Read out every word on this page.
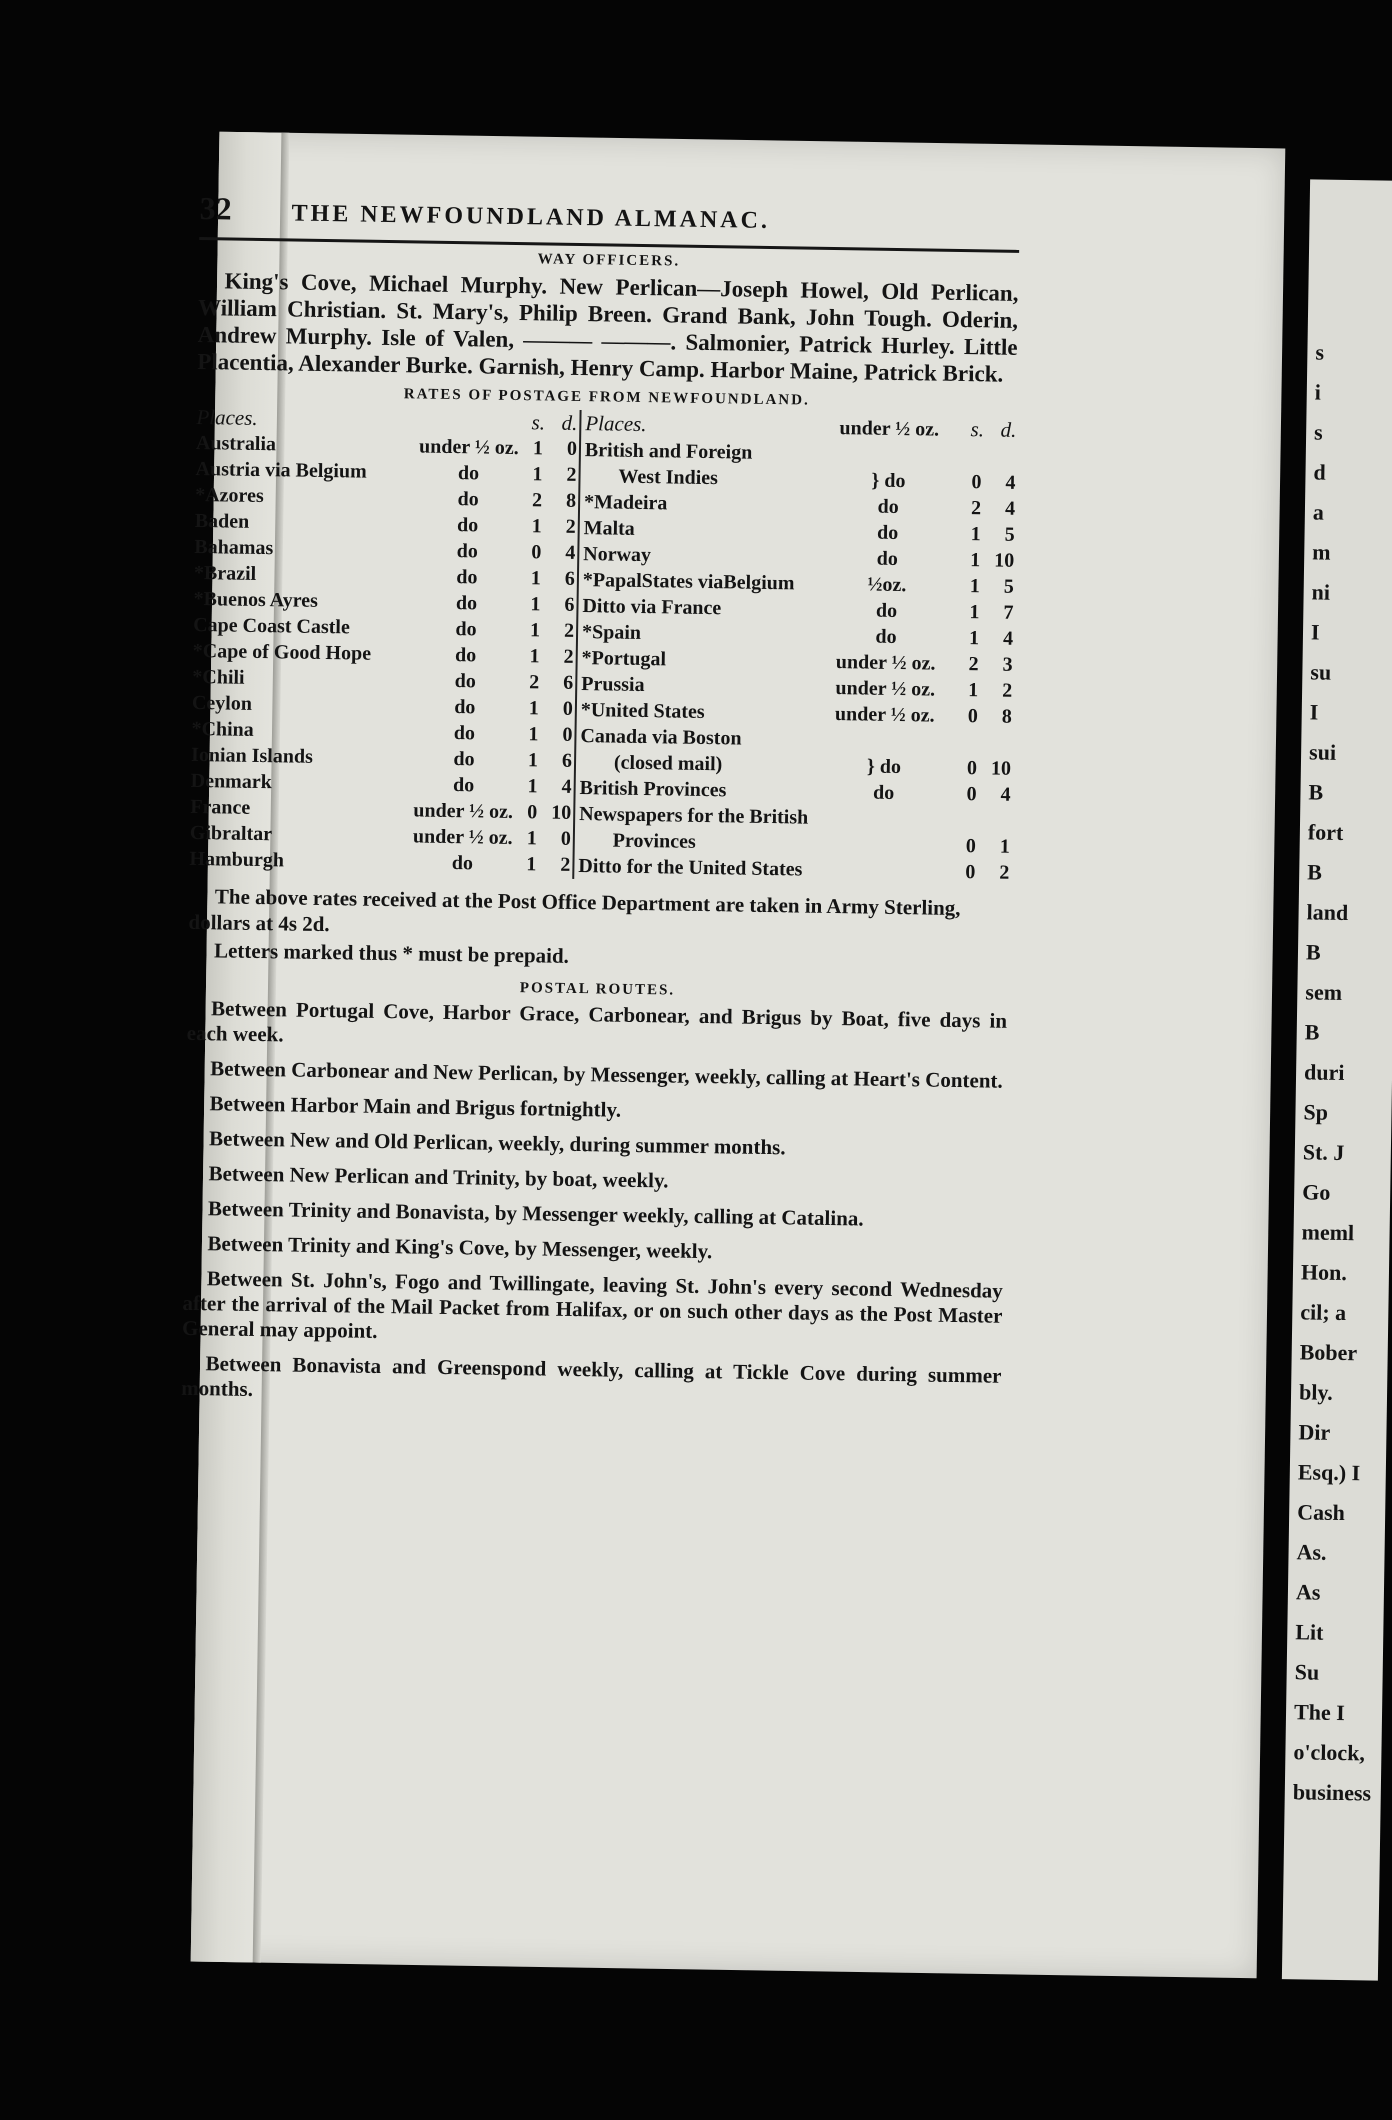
s
i
s
d
a
m
ni
I
su
I
sui
B
fort
B
land
B
sem
B
duri
Sp
St. J
Go
meml
Hon.
cil; a
Bober
bly.
Dir
Esq.) I
Cash
As.
As
Lit
Su
The I
o'clock,
business
32 THE NEWFOUNDLAND ALMANAC.
WAY OFFICERS.

King's Cove, Michael Murphy. New Perlican—Joseph Howel, Old Perlican, William Christian. St. Mary's, Philip Breen. Grand Bank, John Tough. Oderin, Andrew Murphy. Isle of Valen, ——— ———. Salmonier, Patrick Hurley. Little Placentia, Alexander Burke. Garnish, Henry Camp. Harbor Maine, Patrick Brick.

RATES OF POSTAGE FROM NEWFOUNDLAND.
Places.	s. d.
Australia	under ½ oz. 1	0
Austria via Belgium	do	1	2
*Azores	do	2	8
Baden	do	1	2
Bahamas	do	0	4
*Brazil	do	1	6
*Buenos Ayres	do	1	6
Cape Coast Castle	do	1	2
*Cape of Good Hope	do	1	2
*Chili	do	2	6
Ceylon	do	1	0
*China	do	1	0
Ionian Islands	do	1	6
Denmark	do	1	4
France	under ½ oz. 0 10
Gibraltar	under ½ oz. 1	0
Hamburgh	do	1	2
Places.	under ½ oz.	s. d.
British and Foreign
West Indies	} do	0	4
*Madeira	do	2	4
Malta	do	1	5
Norway	do	1 10
*PapalStates viaBelgium	½oz.	1	5
Ditto via France	do	1	7
*Spain	do	1	4
*Portugal	under ½ oz.	2	3
Prussia	under ½ oz.	1	2
*United States	under ½ oz.	0	8
Canada via Boston
(closed mail)	} do	0 10
British Provinces	do	0	4
Newspapers for the British
Provinces	0	1
Ditto for the United States	0	2

The above rates received at the Post Office Department are taken in Army Sterling, dollars at 4s 2d.

Letters marked thus * must be prepaid.

POSTAL ROUTES.

Between Portugal Cove, Harbor Grace, Carbonear, and Brigus by Boat, five days in each week.

Between Carbonear and New Perlican, by Messenger, weekly, calling at Heart's Content.

Between Harbor Main and Brigus fortnightly.

Between New and Old Perlican, weekly, during summer months.

Between New Perlican and Trinity, by boat, weekly.

Between Trinity and Bonavista, by Messenger weekly, calling at Catalina.

Between Trinity and King's Cove, by Messenger, weekly.

Between St. John's, Fogo and Twillingate, leaving St. John's every second Wednesday after the arrival of the Mail Packet from Halifax, or on such other days as the Post Master General may appoint.

Between Bonavista and Greenspond weekly, calling at Tickle Cove during summer months.
